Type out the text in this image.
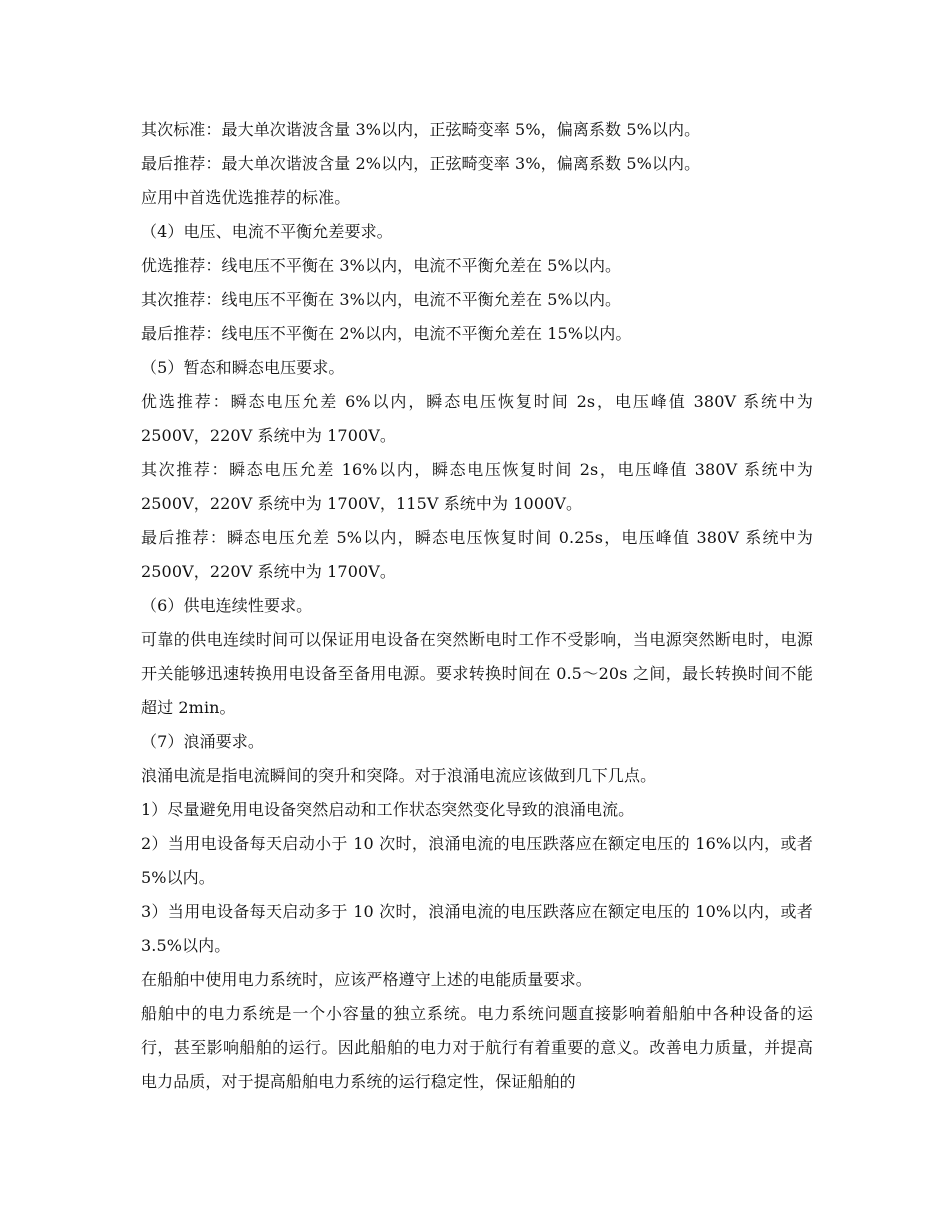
其次标准：最大单次谐波含量 3%以内，正弦畸变率 5%，偏离系数 5%以内。

最后推荐：最大单次谐波含量 2%以内，正弦畸变率 3%，偏离系数 5%以内。

应用中首选优选推荐的标准。

（4）电压、电流不平衡允差要求。

优选推荐：线电压不平衡在 3%以内，电流不平衡允差在 5%以内。

其次推荐：线电压不平衡在 3%以内，电流不平衡允差在 5%以内。

最后推荐：线电压不平衡在 2%以内，电流不平衡允差在 15%以内。

（5）暂态和瞬态电压要求。

优选推荐：瞬态电压允差 6%以内，瞬态电压恢复时间 2s，电压峰值 380V 系统中为 2500V，220V 系统中为 1700V。

其次推荐：瞬态电压允差 16%以内，瞬态电压恢复时间 2s，电压峰值 380V 系统中为 2500V，220V 系统中为 1700V，115V 系统中为 1000V。

最后推荐：瞬态电压允差 5%以内，瞬态电压恢复时间 0.25s，电压峰值 380V 系统中为 2500V，220V 系统中为 1700V。

（6）供电连续性要求。

可靠的供电连续时间可以保证用电设备在突然断电时工作不受影响，当电源突然断电时，电源开关能够迅速转换用电设备至备用电源。要求转换时间在 0.5～20s 之间，最长转换时间不能超过 2min。

（7）浪涌要求。

浪涌电流是指电流瞬间的突升和突降。对于浪涌电流应该做到几下几点。

1）尽量避免用电设备突然启动和工作状态突然变化导致的浪涌电流。

2）当用电设备每天启动小于 10 次时，浪涌电流的电压跌落应在额定电压的 16%以内，或者 5%以内。

3）当用电设备每天启动多于 10 次时，浪涌电流的电压跌落应在额定电压的 10%以内，或者 3.5%以内。

在船舶中使用电力系统时，应该严格遵守上述的电能质量要求。

船舶中的电力系统是一个小容量的独立系统。电力系统问题直接影响着船舶中各种设备的运行，甚至影响船舶的运行。因此船舶的电力对于航行有着重要的意义。改善电力质量，并提高电力品质，对于提高船舶电力系统的运行稳定性，保证船舶的
